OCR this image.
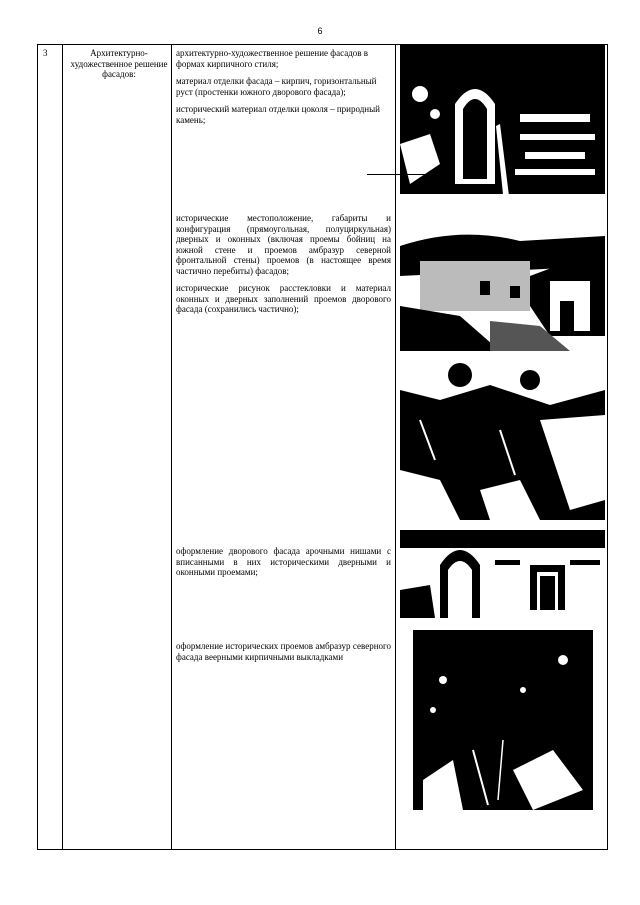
6
3	Архитектурно-художественное решение фасадов:

архитектурно-художественное решение фасадов в формах кирпичного стиля;

материал отделки фасада – кирпич, горизонтальный руст (простенки южного дворового фасада);

исторический материал отделки цоколя – природный камень;

исторические местоположение, габариты и конфигурация (прямоугольная, полуциркульная) дверных и оконных (включая проемы бойниц на южной стене и проемов амбразур северной фронтальной стены) проемов (в настоящее время частично перебиты) фасадов;

исторические рисунок расстекловки и материал оконных и дверных заполнений проемов дворового фасада (сохранились частично);

оформление дворового фасада арочными нишами с вписанными в них историческими дверными и оконными проемами;

оформление исторических проемов амбразур северного фасада веерными кирпичными выкладками
